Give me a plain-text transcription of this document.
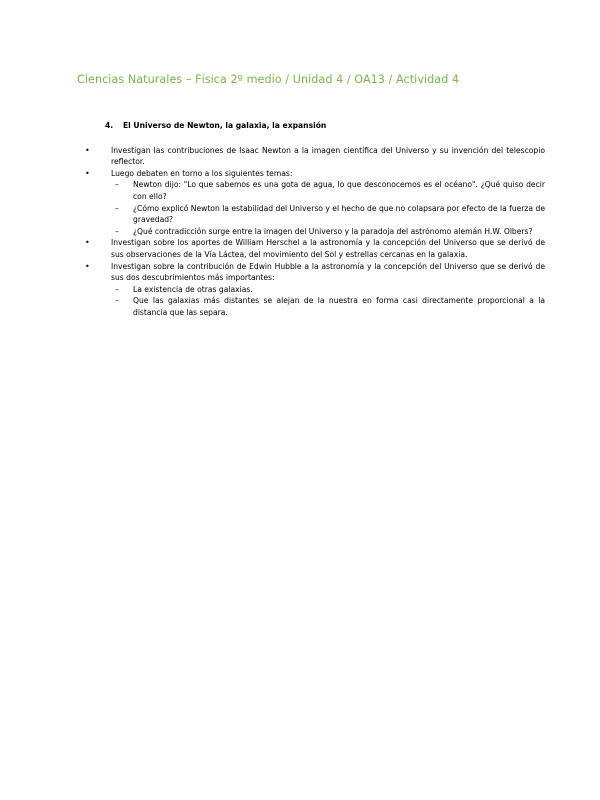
Ciencias Naturales – Física 2º medio / Unidad 4 / OA13 / Actividad 4
4.	El Universo de Newton, la galaxia, la expansión
• Investigan las contribuciones de Isaac Newton a la imagen científica del Universo y su invención del telescopio reflector.
• Luego debaten en torno a los siguientes temas:
– Newton dijo: "Lo que sabemos es una gota de agua, lo que desconocemos es el océano". ¿Qué quiso decir con ello?
– ¿Cómo explicó Newton la estabilidad del Universo y el hecho de que no colapsara por efecto de la fuerza de gravedad?
– ¿Qué contradicción surge entre la imagen del Universo y la paradoja del astrónomo alemán H.W. Olbers?
• Investigan sobre los aportes de William Herschel a la astronomía y la concepción del Universo que se derivó de sus observaciones de la Vía Láctea, del movimiento del Sol y estrellas cercanas en la galaxia.
• Investigan sobre la contribución de Edwin Hubble a la astronomía y la concepción del Universo que se derivó de sus dos descubrimientos más importantes:
– La existencia de otras galaxias.
– Que las galaxias más distantes se alejan de la nuestra en forma casi directamente proporcional a la distancia que las separa.
